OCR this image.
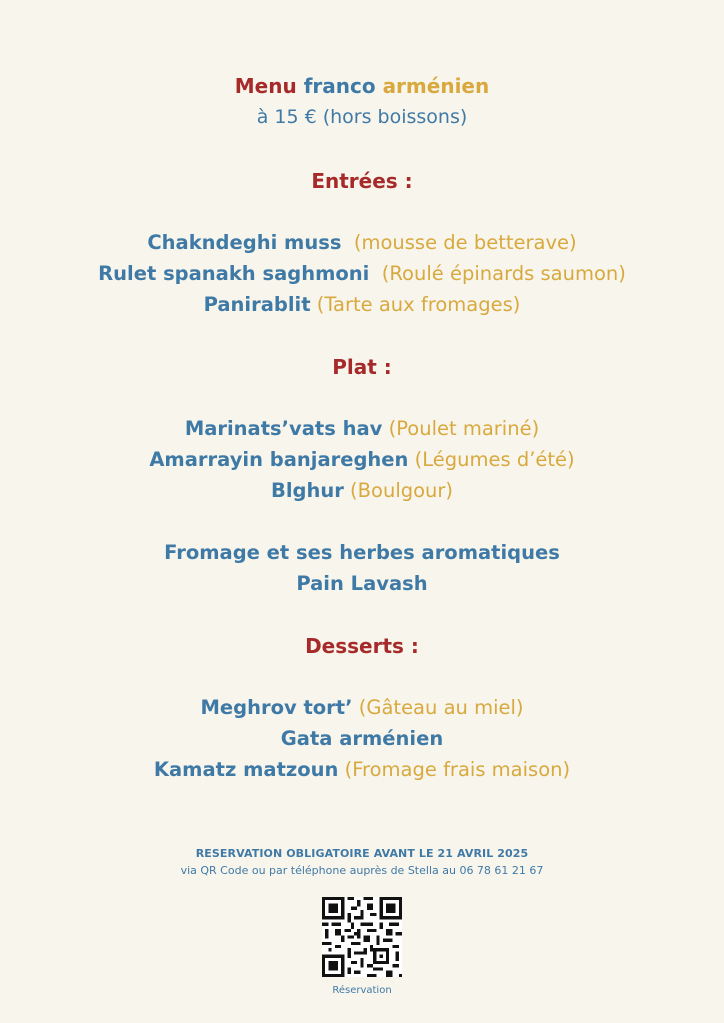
Menu franco arménien
à 15 € (hors boissons)
Entrées :
Chakndeghi muss (mousse de betterave)
Rulet spanakh saghmoni (Roulé épinards saumon)
Panirablit (Tarte aux fromages)
Plat :
Marinats’vats hav (Poulet mariné)
Amarrayin banjareghen (Légumes d’été)
Blghur (Boulgour)
Fromage et ses herbes aromatiques
Pain Lavash
Desserts :
Meghrov tort’ (Gâteau au miel)
Gata arménien
Kamatz matzoun (Fromage frais maison)
RESERVATION OBLIGATOIRE AVANT LE 21 AVRIL 2025
via QR Code ou par téléphone auprès de Stella au 06 78 61 21 67
Réservation
